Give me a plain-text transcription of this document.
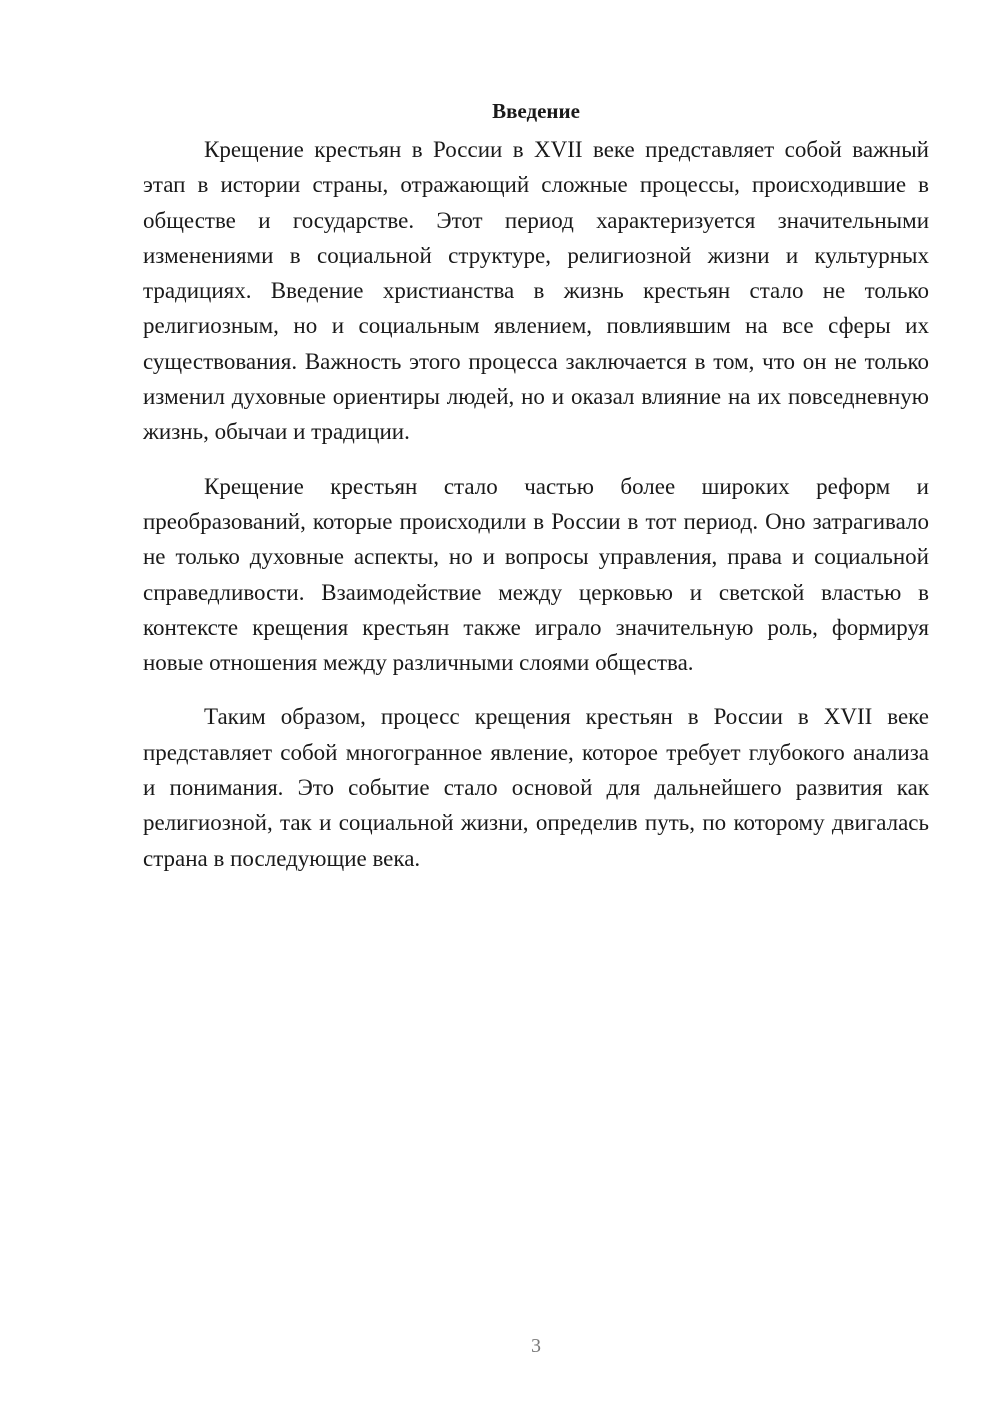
Введение

Крещение крестьян в России в XVII веке представляет собой важный этап в истории страны, отражающий сложные процессы, происходившие в обществе и государстве. Этот период характеризуется значительными изменениями в социальной структуре, религиозной жизни и культурных традициях. Введение христианства в жизнь крестьян стало не только религиозным, но и социальным явлением, повлиявшим на все сферы их существования. Важность этого процесса заключается в том, что он не только изменил духовные ориентиры людей, но и оказал влияние на их повседневную жизнь, обычаи и традиции.

Крещение крестьян стало частью более широких реформ и преобразований, которые происходили в России в тот период. Оно затрагивало не только духовные аспекты, но и вопросы управления, права и социальной справедливости. Взаимодействие между церковью и светской властью в контексте крещения крестьян также играло значительную роль, формируя новые отношения между различными слоями общества.

Таким образом, процесс крещения крестьян в России в XVII веке представляет собой многогранное явление, которое требует глубокого анализа и понимания. Это событие стало основой для дальнейшего развития как религиозной, так и социальной жизни, определив путь, по которому двигалась страна в последующие века.

3
